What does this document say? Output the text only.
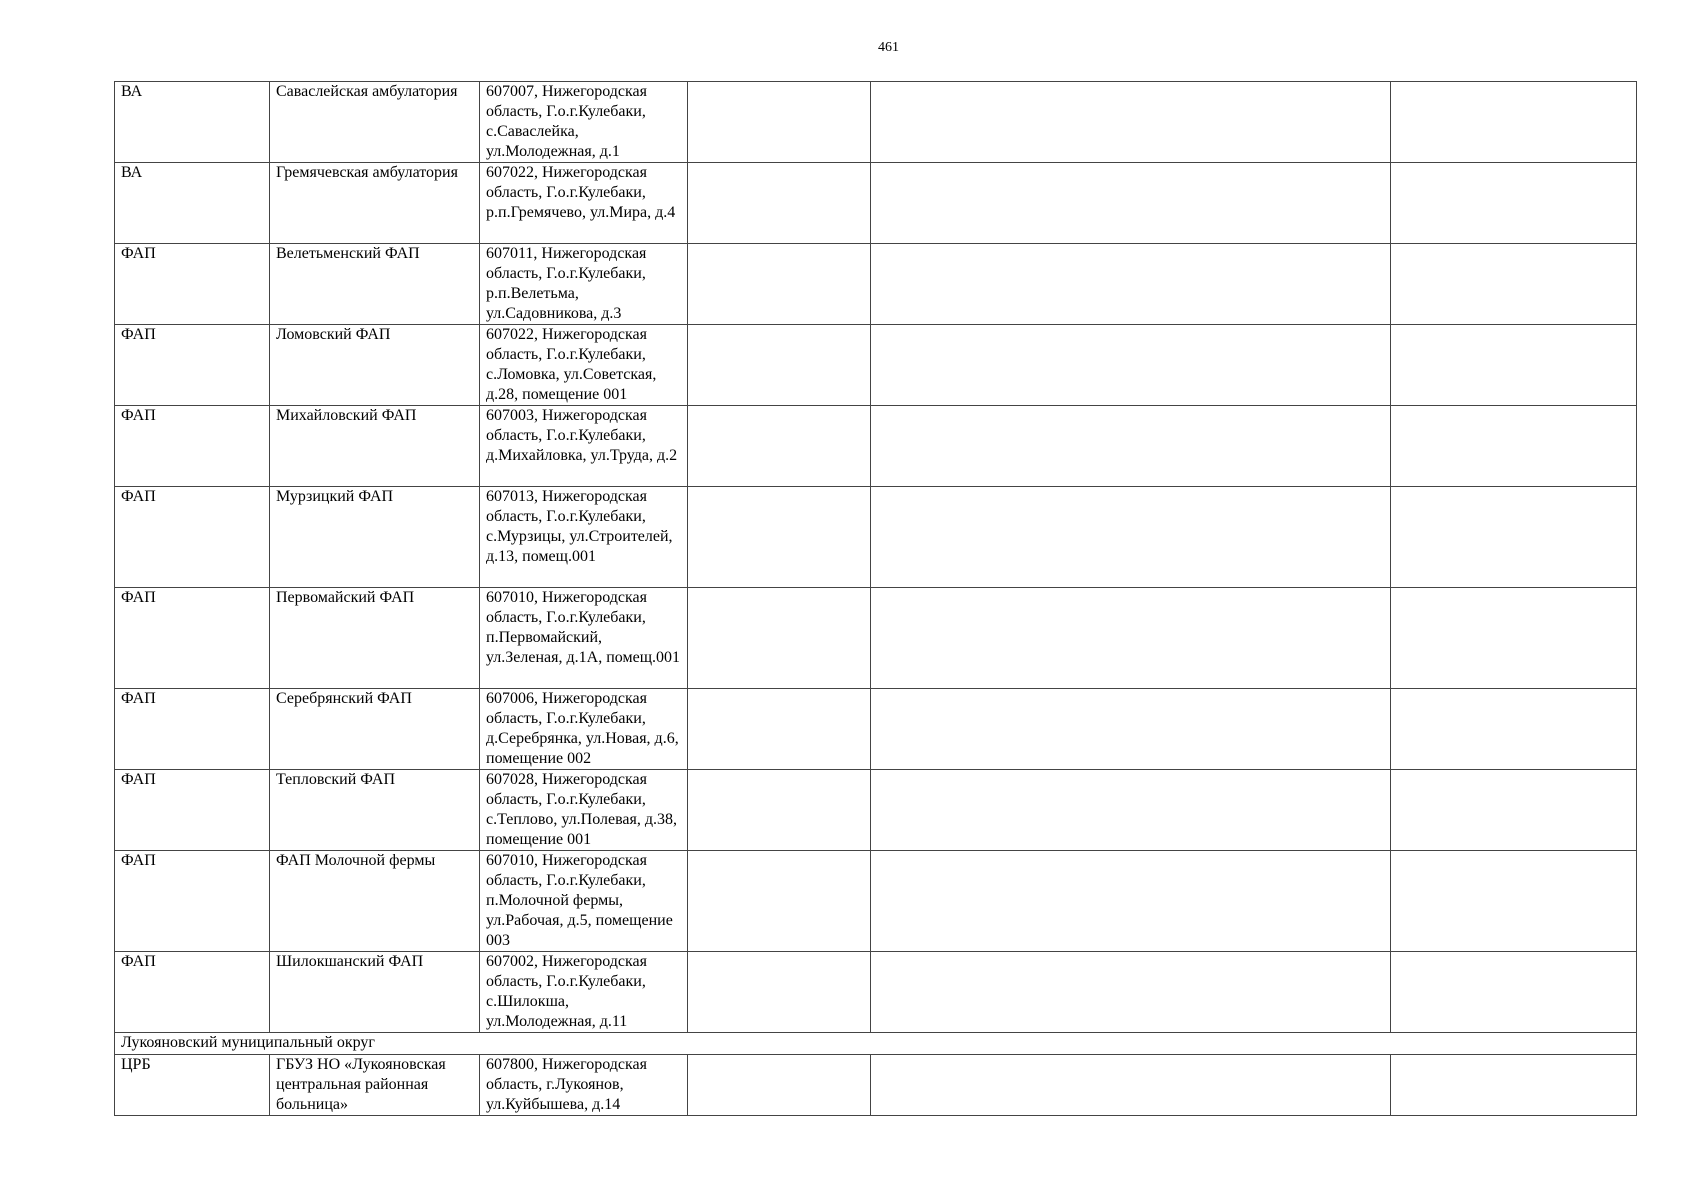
461
ВА	Саваслейская амбулатория	607007, Нижегородская область, Г.о.г.Кулебаки, с.Саваслейка, ул.Молодежная, д.1			
ВА	Гремячевская амбулатория	607022, Нижегородская область, Г.о.г.Кулебаки, р.п.Гремячево, ул.Мира, д.4			
ФАП	Велетьменский ФАП	607011, Нижегородская область, Г.о.г.Кулебаки, р.п.Велетьма, ул.Садовникова, д.3			
ФАП	Ломовский ФАП	607022, Нижегородская область, Г.о.г.Кулебаки, с.Ломовка, ул.Советская, д.28, помещение 001			
ФАП	Михайловский ФАП	607003, Нижегородская область, Г.о.г.Кулебаки, д.Михайловка, ул.Труда, д.2			
ФАП	Мурзицкий ФАП	607013, Нижегородская область, Г.о.г.Кулебаки, с.Мурзицы, ул.Строителей, д.13, помещ.001			
ФАП	Первомайский ФАП	607010, Нижегородская область, Г.о.г.Кулебаки, п.Первомайский, ул.Зеленая, д.1А, помещ.001			
ФАП	Серебрянский ФАП	607006, Нижегородская область, Г.о.г.Кулебаки, д.Серебрянка, ул.Новая, д.6, помещение 002			
ФАП	Тепловский ФАП	607028, Нижегородская область, Г.о.г.Кулебаки, с.Теплово, ул.Полевая, д.38, помещение 001			
ФАП	ФАП Молочной фермы	607010, Нижегородская область, Г.о.г.Кулебаки, п.Молочной фермы, ул.Рабочая, д.5, помещение 003			
ФАП	Шилокшанский ФАП	607002, Нижегородская область, Г.о.г.Кулебаки, с.Шилокша, ул.Молодежная, д.11			
Лукояновский муниципальный округ					
ЦРБ	ГБУЗ НО «Лукояновская центральная районная больница»	607800, Нижегородская область, г.Лукоянов, ул.Куйбышева, д.14			
